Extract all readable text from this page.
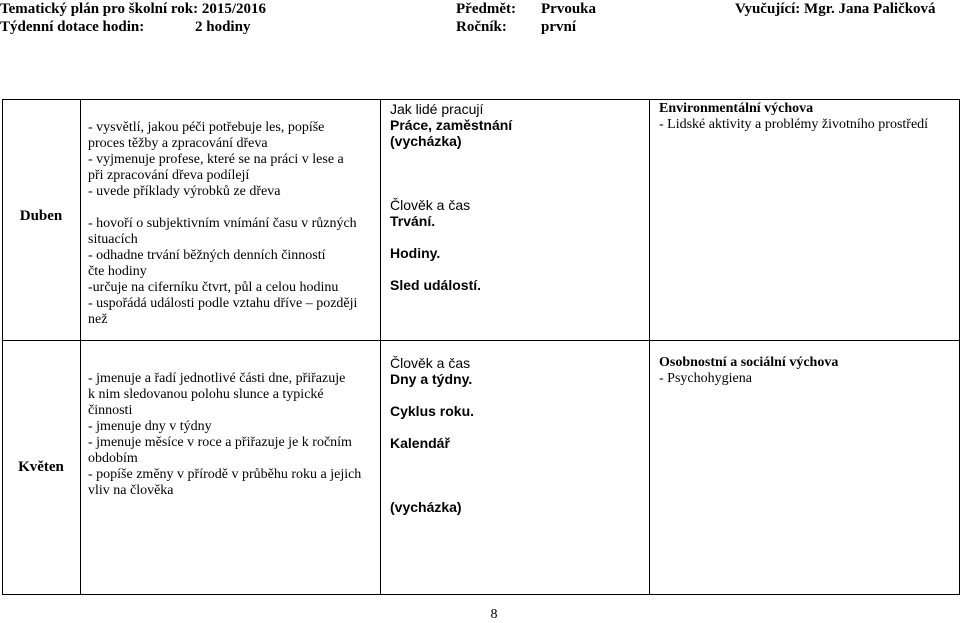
Tematický plán pro školní rok: 2015/2016
Týdenní dotace hodin:	2 hodiny
Předmět: Prvouka
Ročník: první
Vyučující: Mgr. Jana Paličková
Duben
- vysvětlí, jakou péči potřebuje les, popíše
proces těžby a zpracování dřeva
- vyjmenuje profese, které se na práci v lese a
při zpracování dřeva podílejí
- uvede příklady výrobků ze dřeva
- hovoří o subjektivním vnímání času v různých
situacích
- odhadne trvání běžných denních činností
čte hodiny
-určuje na ciferníku čtvrt, půl a celou hodinu
- uspořádá události podle vztahu dříve – později
než
Jak lidé pracují
Práce, zaměstnání
(vycházka)
Člověk a čas
Trvání.
Hodiny.
Sled událostí.
Environmentální výchova
- Lidské aktivity a problémy životního prostředí
Květen
- jmenuje a řadí jednotlivé části dne, přiřazuje
k nim sledovanou polohu slunce a typické
činnosti
- jmenuje dny v týdny
- jmenuje měsíce v roce a přiřazuje je k ročním
obdobím
- popíše změny v přírodě v průběhu roku a jejich
vliv na člověka
Člověk a čas
Dny a týdny.
Cyklus roku.
Kalendář
(vycházka)
Osobnostní a sociální výchova
- Psychohygiena
8
